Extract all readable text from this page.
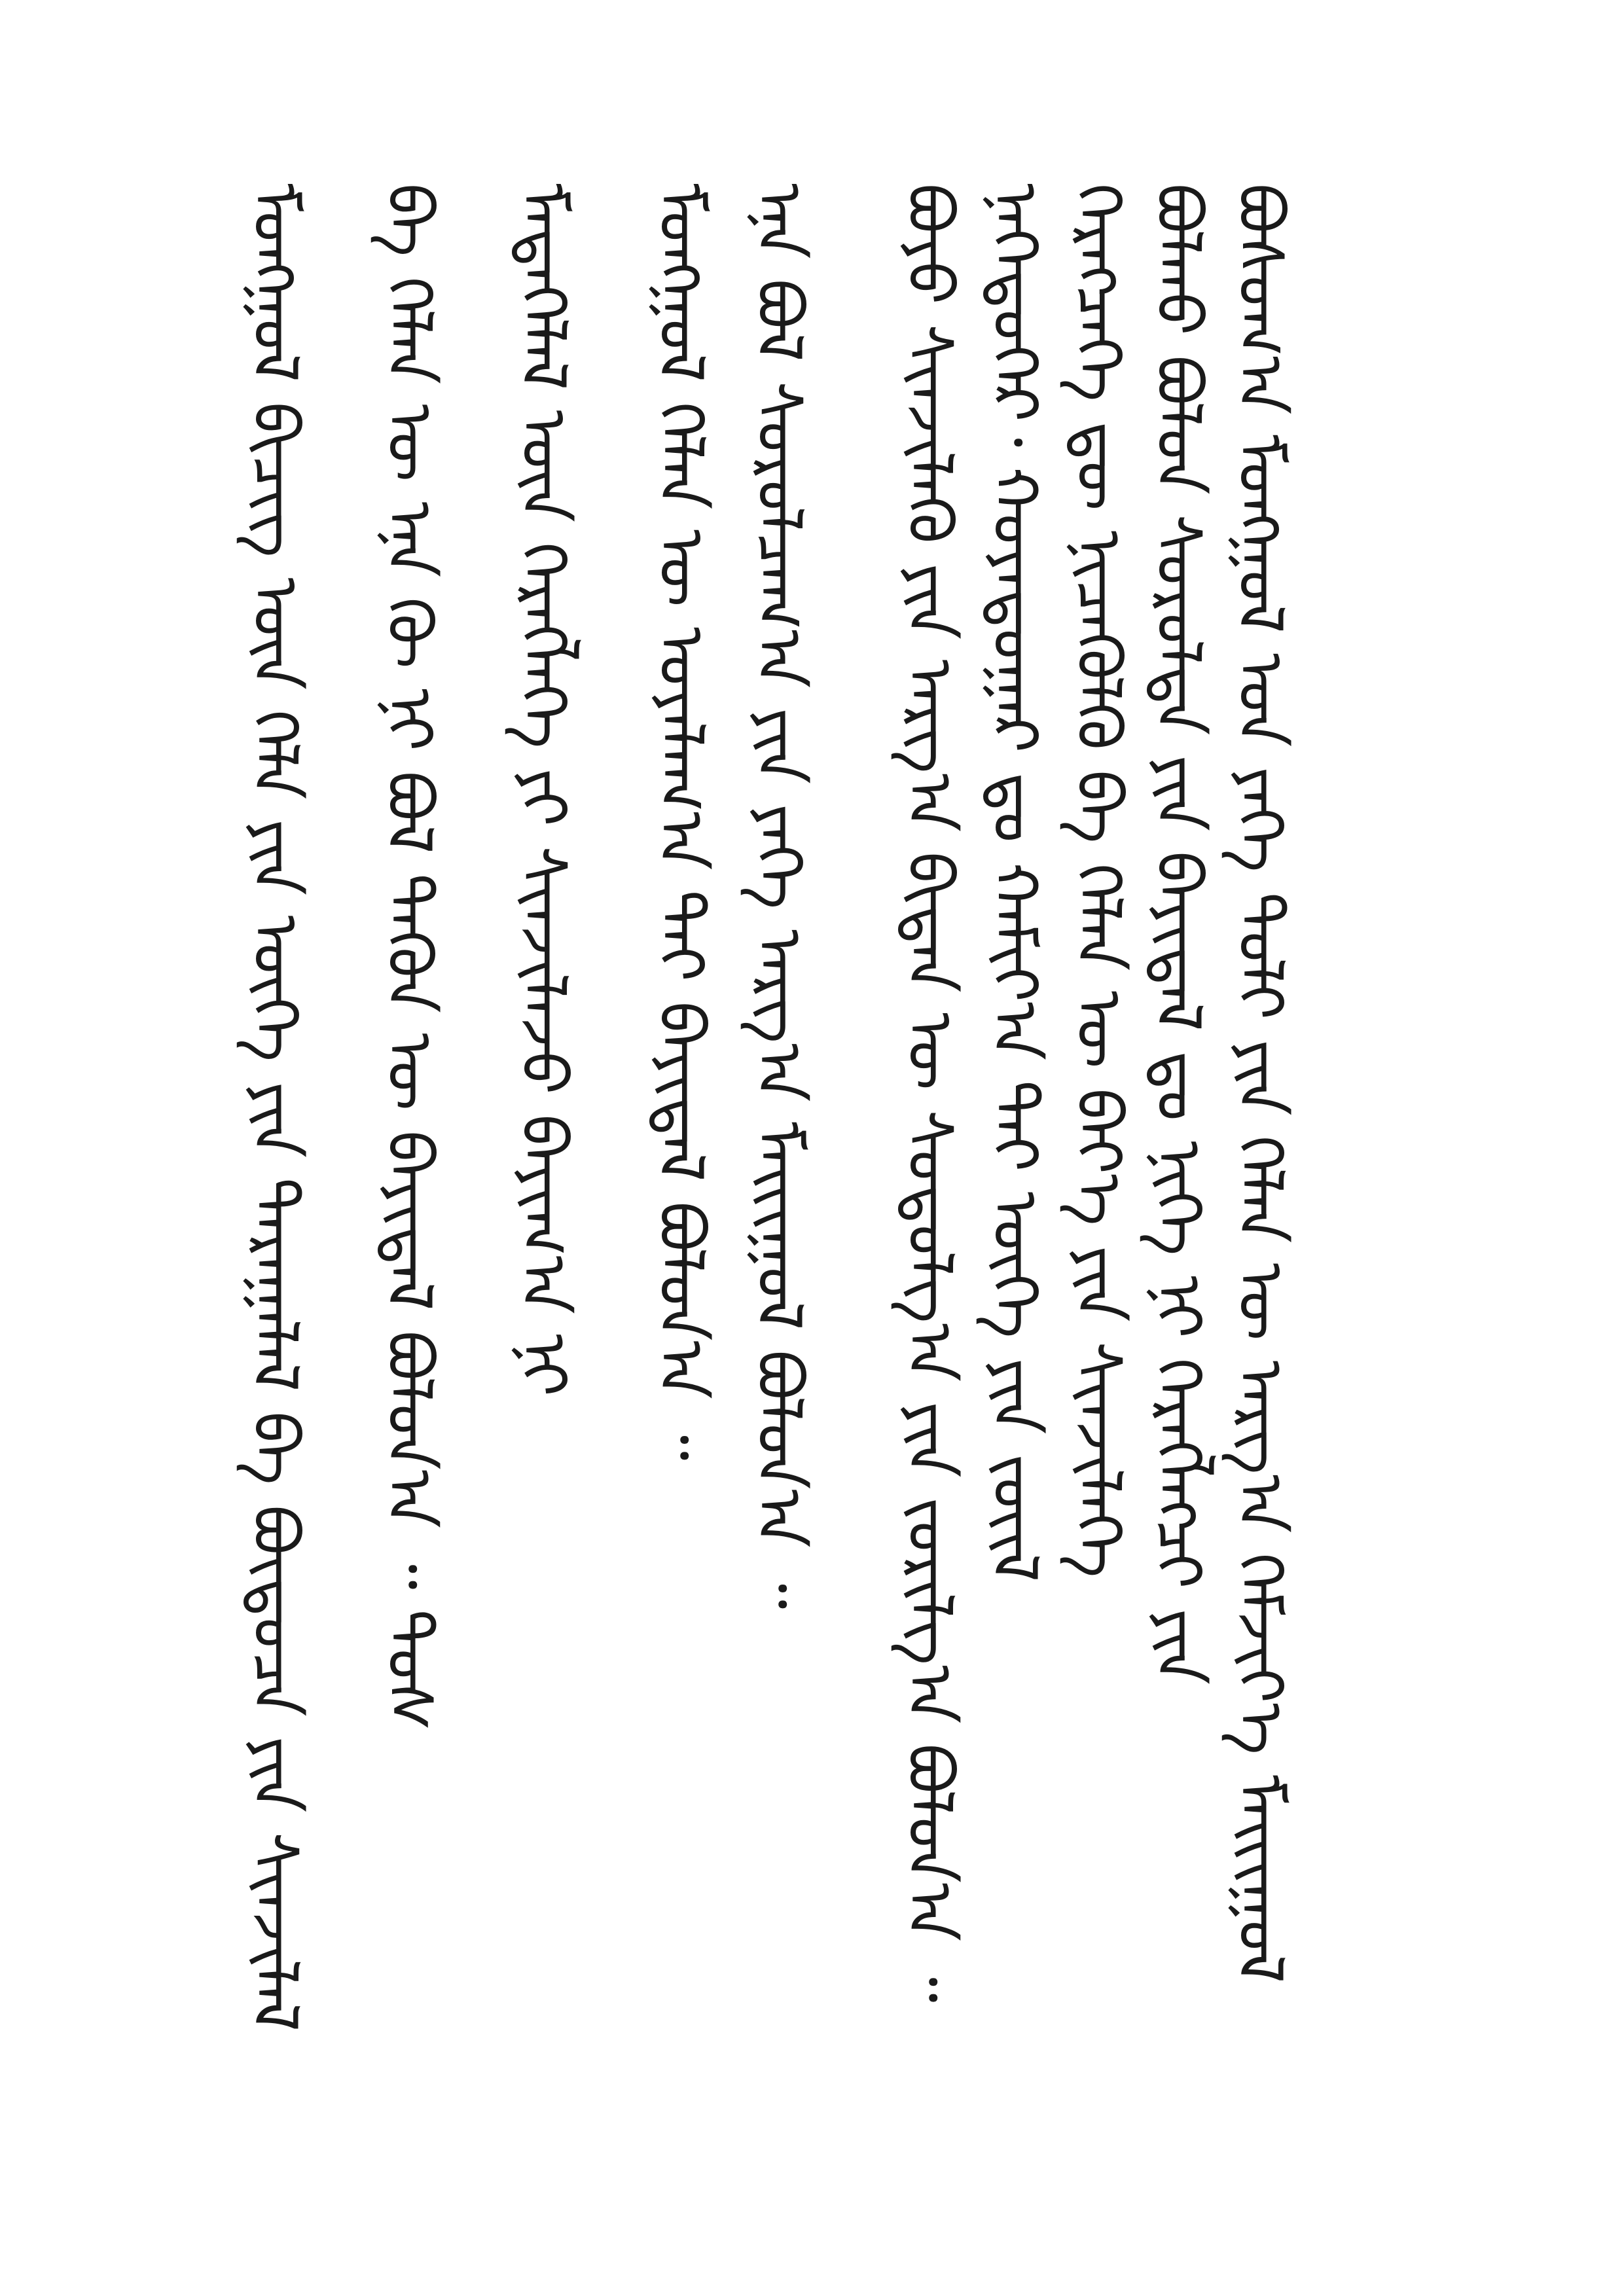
ᠪᠣᠰᠣᠭ᠎ᠠ ᠮᠣᠩᠭᠣᠯ ᠤᠨ ᠶᠡᠬᠡ ᠲᠣᠯᠢ ᠶᠢᠨ ᠬᠡᠯᠡᠨ ᠦ ᠠᠷᠭ᠎ᠠ ᠬᠡᠮᠵᠢᠶ᠎ᠡ ᠮᠠᠢᠢᠭᠤᠯ
ᠪᠣᠯᠬᠤ ᠪᠣᠯᠤᠨ ᠰᠤᠷᠤᠯᠲᠠ ᠶᠢᠨ ᠪᠠᠶᠢᠳᠠᠯ ᠳᠤ ᠨᠢᠭᠡ ᠨᠢ ᠬᠡᠷᠡᠭ᠌ᠯᠡᠭᠴᠢ ᠶᠢᠨ
ᠬᠡᠷᠡᠭᠴᠡᠭᠡ ᠳᠦ ᠨᠢᠴᠡᠭᠦᠯᠬᠦ ᠪᠠ ᠬᠡᠯᠡᠨ ᠦ ᠪᠡᠶ᠎ᠡ ᠶᠢᠨ ᠰᠢᠨᠵᠢᠯᠡᠭᠡ
ᠨᠡᠭᠡᠳᠦᠭᠡᠷ᠂ ᠬᠣᠶᠠᠳᠤᠭᠠᠷ ᠳᠤ ᠬᠠᠮᠢᠶ᠎ᠠ ᠲᠠᠢ ᠦᠭᠡ ᠶᠢᠨ ᠵᠦᠢᠯ
ᠪᠤᠶᠤ ᠰᠢᠨᠵᠢᠯᠡᠬᠦ ᠶᠢᠨ ᠠᠷᠭ᠎ᠠ ᠪᠢᠳᠡᠨ ᠦ ᠰᠤᠳᠤᠯᠭ᠎ᠠ ᠶᠢᠨ ᠵᠣᠷᠢᠯᠭ᠎ᠠ ᠪᠣᠯᠤᠨ᠎ᠠ ᠃
ᠮᠣᠩᠭᠣᠯ ᠪᠢᠴᠢᠭ᠌ ᠦᠨ ᠬᠡᠯᠡ ᠶᠢᠨ ᠦᠭᠡ ᠶᠢᠨ ᠳᠠᠷᠠᠭᠠᠯᠠᠯ ᠪᠠ ᠪᠦᠲᠦᠴᠡ ᠶᠢᠨ ᠰᠢᠨᠵᠢᠯᠡᠯ ᠪᠠ ᠬᠡᠯᠡᠨ ᠦ ᠡᠨᠡ ᠬᠦ ᠨᠢ ᠪᠤᠯ ᠲᠡᠭᠦᠨ ᠦ ᠪᠠᠶᠢᠳᠠᠯ ᠪᠤᠯᠤᠨ᠎ᠠ ᠃ ᠲᠤᠰ ᠮᠡᠳᠡᠭᠡᠯᠡᠯ ᠦᠨ ᠬᠡᠷᠡᠭᠯᠡᠭᠡ ᠶᠢ ᠰᠢᠨᠵᠢᠯᠡᠵᠦ ᠪᠠᠶᠢᠭ᠎ᠠ ᠨᠢ ᠮᠣᠩᠭᠣᠯ ᠬᠡᠯᠡᠨ ᠦ ᠤᠶᠠᠯᠠᠭ᠎ᠠ ᠲᠠᠢ ᠪᠠᠶᠢᠳᠠᠯ ᠪᠣᠯᠤᠨ᠎ᠠ ᠃ ᠡᠨᠡ ᠪᠣᠯ ᠰᠤᠷᠤᠯᠴᠠᠭ᠎ᠠ ᠶᠢᠨ ᠶᠡᠬᠡ ᠠᠷᠭ᠎ᠠ ᠮᠠᠢᠢᠭᠤᠯ ᠪᠤᠯᠤᠨ᠎ᠠ ᠃
